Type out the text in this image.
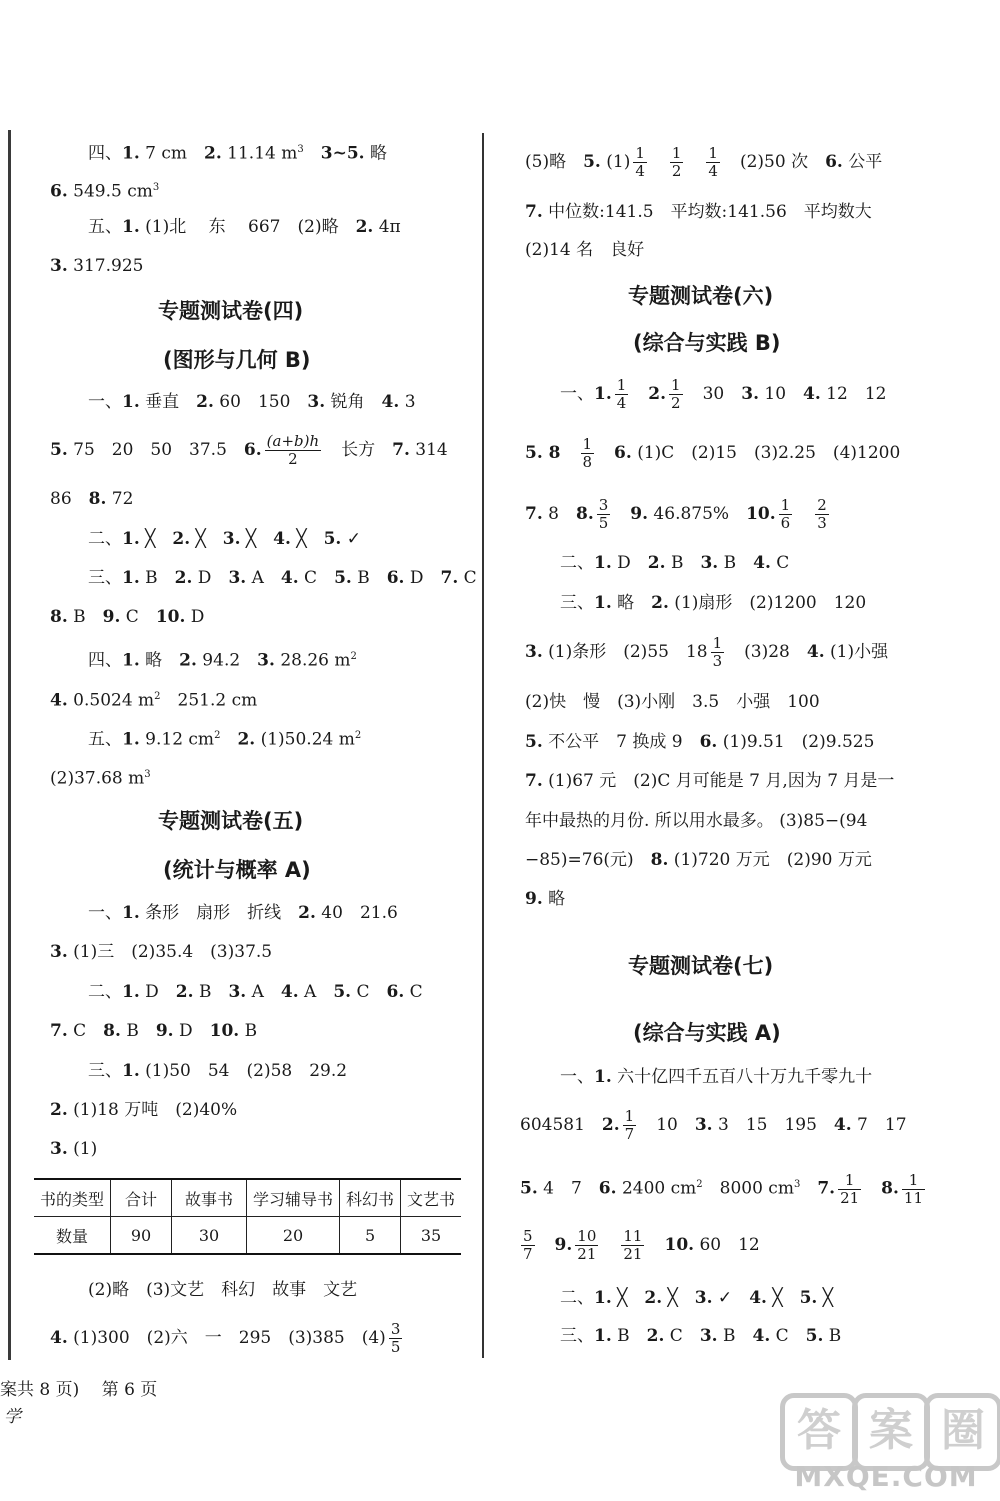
四、1. 7 cm　2. 11.14 $m^3$　 3~5. 略
6. 549.5 $cm^3$
五、1. (1)北　 东　 667　(2)略　2. 4π
3. 317.925
专题测试卷(四)
(图形与几何 B)
一、1. 垂直　2. 60　150　3. 锐角　4. 3
5. 75　20　50　37.5　6. $\frac{(a+b)h}{2}$ 　长方　7. 314
86　8. 72
二、1. ╳　2. ╳　3. ╳　4. ╳　5. ✓
三、1. B　2. D　3. A　4. C　5. B　6. D　7. C
8. B　9. C　10. D
四、1. 略　2. 94.2　3. 28.26 $m^2$
4. 0.5024 $m^2$　251.2 cm
五、1. 9.12 $cm^2$　 2. (1)50.24 $m^2$
(2)37.68 $m^3$
专题测试卷(五)
(统计与概率 A)
一、1. 条形　扇形　折线　2. 40　21.6
3. (1)三　(2)35.4　(3)37.5
二、1. D　2. B　3. A　4. A　5. C　6. C
7. C　8. B　9. D　10. B
三、1. (1)50　54　(2)58　29.2
2. (1)18 万吨　(2)40%
3. (1)
书的类型	合计	故事书	学习辅导书	科幻书	文艺书
数量	90	30	20	5	35
(2)略　(3)文艺　科幻　故事　文艺
4. (1)300　(2)六　一　295　(3)385　$(4) \frac{3}{5}$
(5)略　5. $(1) \frac{1}{4}$
　 $\frac{1}{2}$
　 $\frac{1}{4}$ 　(2)50 次　6. 公平
7. 中位数:141.5　平均数:141.56　平均数大
(2)14 名　良好
专题测试卷(六)
(综合与实践 B)
一、1. $\frac{1}{4}$
　 2. $\frac{1}{2}$ 　30　3. 10　4. 12　12
5. 8　 $\frac{1}{8}$
　 6. (1)C　(2)15　(3)2.25　(4)1200
7. 8　8. $\frac{3}{5}$
　 9. 46.875%　10. $\frac{1}{6}$
　 $\frac{2}{3}$
二、1. D　2. B　3. B　4. C
三、1. 略　2. (1)扇形　(2)1200　120
3. (1)条形　(2)55　$18 \frac{1}{3}$ 　(3)28　4. (1)小强
(2)快　慢　(3)小刚　3.5　小强　100
5. 不公平　7 换成 9　6. (1)9.51　(2)9.525
7. (1)67 元　(2)C 月可能是 7 月,因为 7 月是一
年中最热的月份. 所以用水最多。 (3)85−(94
−85)=76(元)　8. (1)720 万元　(2)90 万元
9. 略
专题测试卷(七)
(综合与实践 A)
一、1. 六十亿四千五百八十万九千零九十
604581　2. $\frac{1}{7}$ 　10　3. 3　15　195　4. 7　17
5. 4　7　6. 2400 $cm^2$　8000 $cm^3$　 7. $\frac{1}{21}$ 　8. $\frac{1}{11}$
$\frac{5}{7}$
　 9. $\frac{10}{21}$
　 $\frac{11}{21}$
　 10. 60　12
二、1. ╳　2. ╳　3. ✓　4. ╳　5. ╳
三、1. B　2. C　3. B　4. C　5. B
案共 8 页)　 第 6 页
学	答 案 圈
MXQE.COM
